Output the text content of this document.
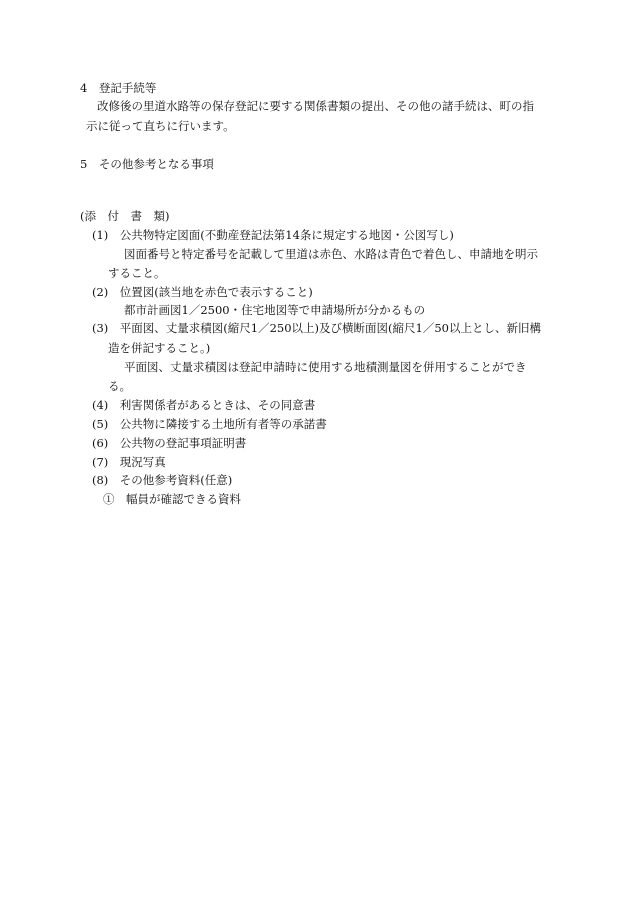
4　登記手続等
改修後の里道水路等の保存登記に要する関係書類の提出、その他の諸手続は、町の指
示に従って直ちに行います。
5　その他参考となる事項
(添　付　書　類)
(1)　公共物特定図面(不動産登記法第14条に規定する地図・公図写し)
図面番号と特定番号を記載して里道は赤色、水路は青色で着色し、申請地を明示
すること。
(2)　位置図(該当地を赤色で表示すること)
都市計画図1／2500・住宅地図等で申請場所が分かるもの
(3)　平面図、丈量求積図(縮尺1／250以上)及び横断面図(縮尺1／50以上とし、新旧構
造を併記すること。)
平面図、丈量求積図は登記申請時に使用する地積測量図を併用することができ
る。
(4)　利害関係者があるときは、その同意書
(5)　公共物に隣接する土地所有者等の承諾書
(6)　公共物の登記事項証明書
(7)　現況写真
(8)　その他参考資料(任意)
①　幅員が確認できる資料
